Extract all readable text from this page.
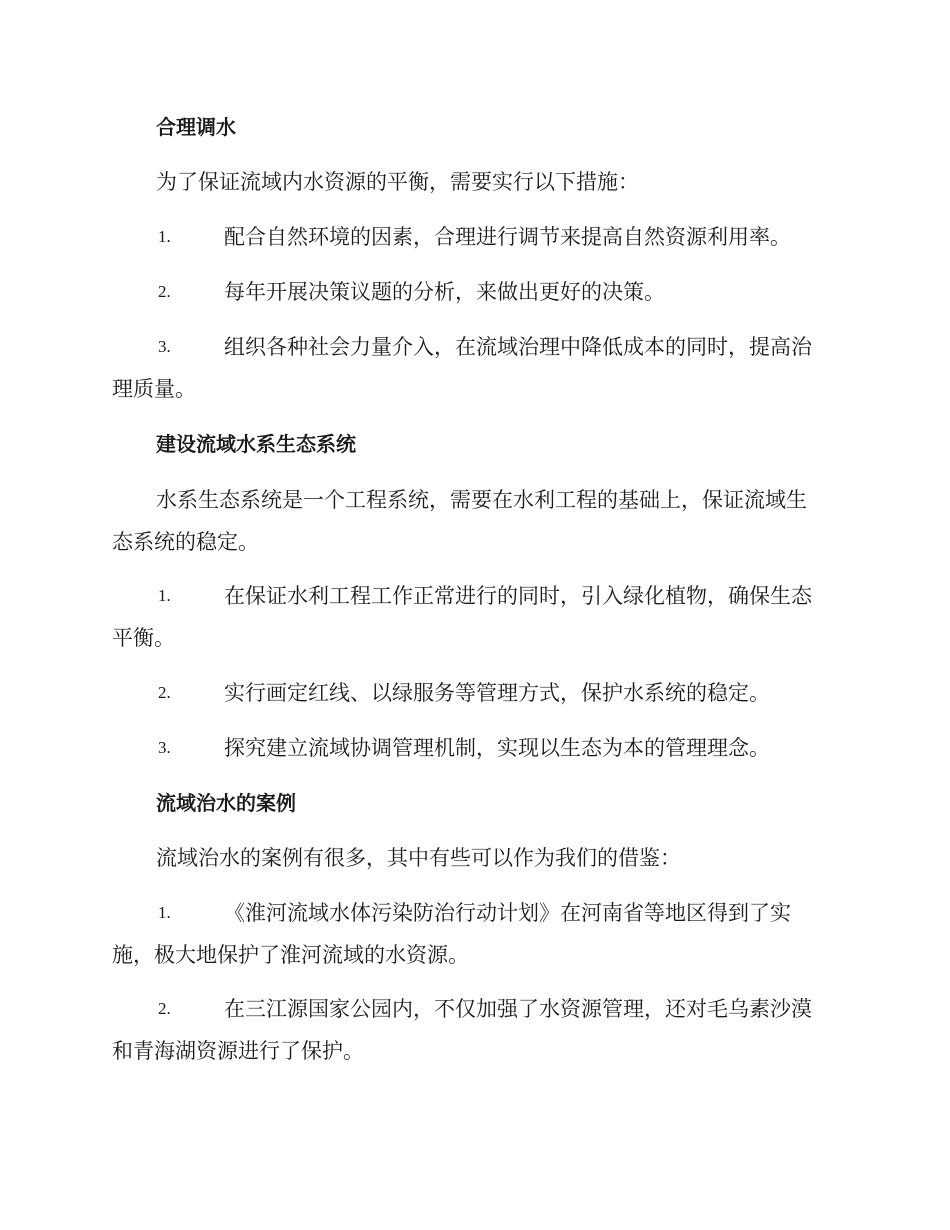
合理调水
为了保证流域内水资源的平衡，需要实行以下措施：
1.	配合自然环境的因素，合理进行调节来提高自然资源利用率。
2.	每年开展决策议题的分析，来做出更好的决策。
3.	组织各种社会力量介入，在流域治理中降低成本的同时，提高治
理质量。
建设流域水系生态系统
水系生态系统是一个工程系统，需要在水利工程的基础上，保证流域生
态系统的稳定。
1.	在保证水利工程工作正常进行的同时，引入绿化植物，确保生态
平衡。
2.	实行画定红线、以绿服务等管理方式，保护水系统的稳定。
3.	探究建立流域协调管理机制，实现以生态为本的管理理念。
流域治水的案例
流域治水的案例有很多，其中有些可以作为我们的借鉴：
1.	《淮河流域水体污染防治行动计划》在河南省等地区得到了实
施，极大地保护了淮河流域的水资源。
2.	在三江源国家公园内，不仅加强了水资源管理，还对毛乌素沙漠
和青海湖资源进行了保护。
